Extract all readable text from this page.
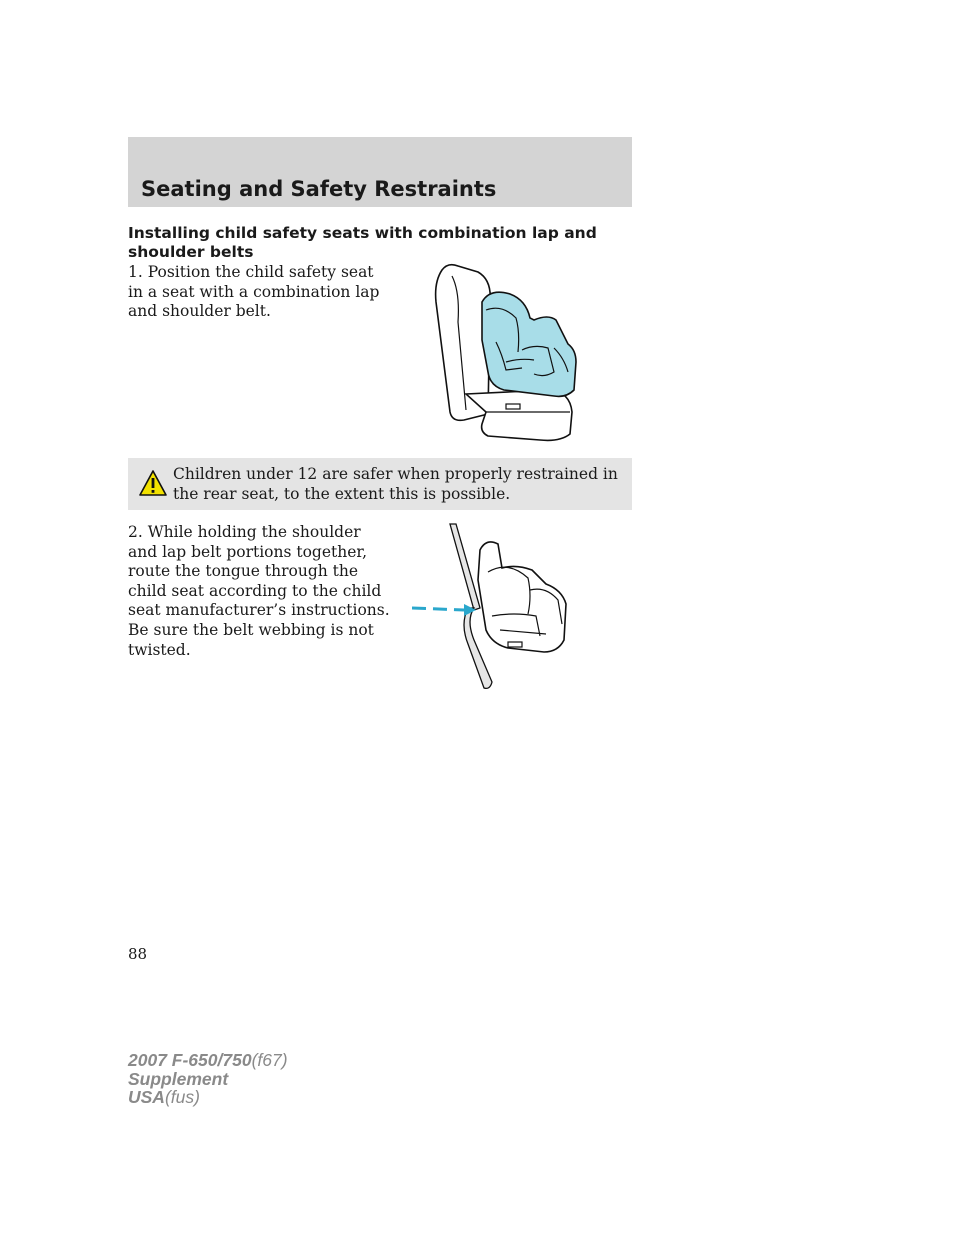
Seating and Safety Restraints
Installing child safety seats with combination lap and shoulder belts
1. Position the child safety seat in a seat with a combination lap and shoulder belt.
Children under 12 are safer when properly restrained in the rear seat, to the extent this is possible.
2. While holding the shoulder and lap belt portions together, route the tongue through the child seat according to the child seat manufacturer’s instructions. Be sure the belt webbing is not twisted.
88
2007 F-650/750(f67)
Supplement
USA(fus)
